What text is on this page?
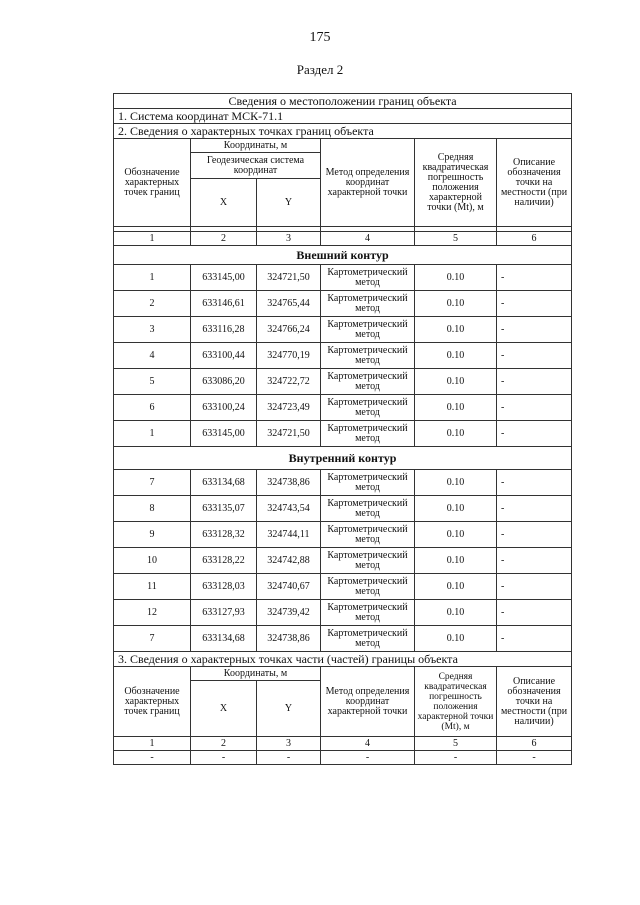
175
Раздел 2
Сведения о местоположении границ объекта					
1. Система координат МСК-71.1					
2. Сведения о характерных точках границ объекта					
Обозначение характерных точек границ	Координаты, м		Метод определения координат характерной точки	Средняя квадратическая погрешность положения характерной точки (Mt), м	Описание обозначения точки на местности (при наличии)
	Геодезическая система координат				
	X	Y			

1	2	3	4	5	6
Внешний контур					
1	633145,00	324721,50	Картометрический метод	0.10	-
2	633146,61	324765,44	Картометрический метод	0.10	-
3	633116,28	324766,24	Картометрический метод	0.10	-
4	633100,44	324770,19	Картометрический метод	0.10	-
5	633086,20	324722,72	Картометрический метод	0.10	-
6	633100,24	324723,49	Картометрический метод	0.10	-
1	633145,00	324721,50	Картометрический метод	0.10	-
Внутренний контур					
7	633134,68	324738,86	Картометрический метод	0.10	-
8	633135,07	324743,54	Картометрический метод	0.10	-
9	633128,32	324744,11	Картометрический метод	0.10	-
10	633128,22	324742,88	Картометрический метод	0.10	-
11	633128,03	324740,67	Картометрический метод	0.10	-
12	633127,93	324739,42	Картометрический метод	0.10	-
7	633134,68	324738,86	Картометрический метод	0.10	-
3. Сведения о характерных точках части (частей) границы объекта					
Обозначение характерных точек границ	Координаты, м		Метод определения координат характерной точки	Средняя квадратическая погрешность положения характерной точки (Mt), м	Описание обозначения точки на местности (при наличии)
	X	Y			
1	2	3	4	5	6
-	-	-	-	-	-
